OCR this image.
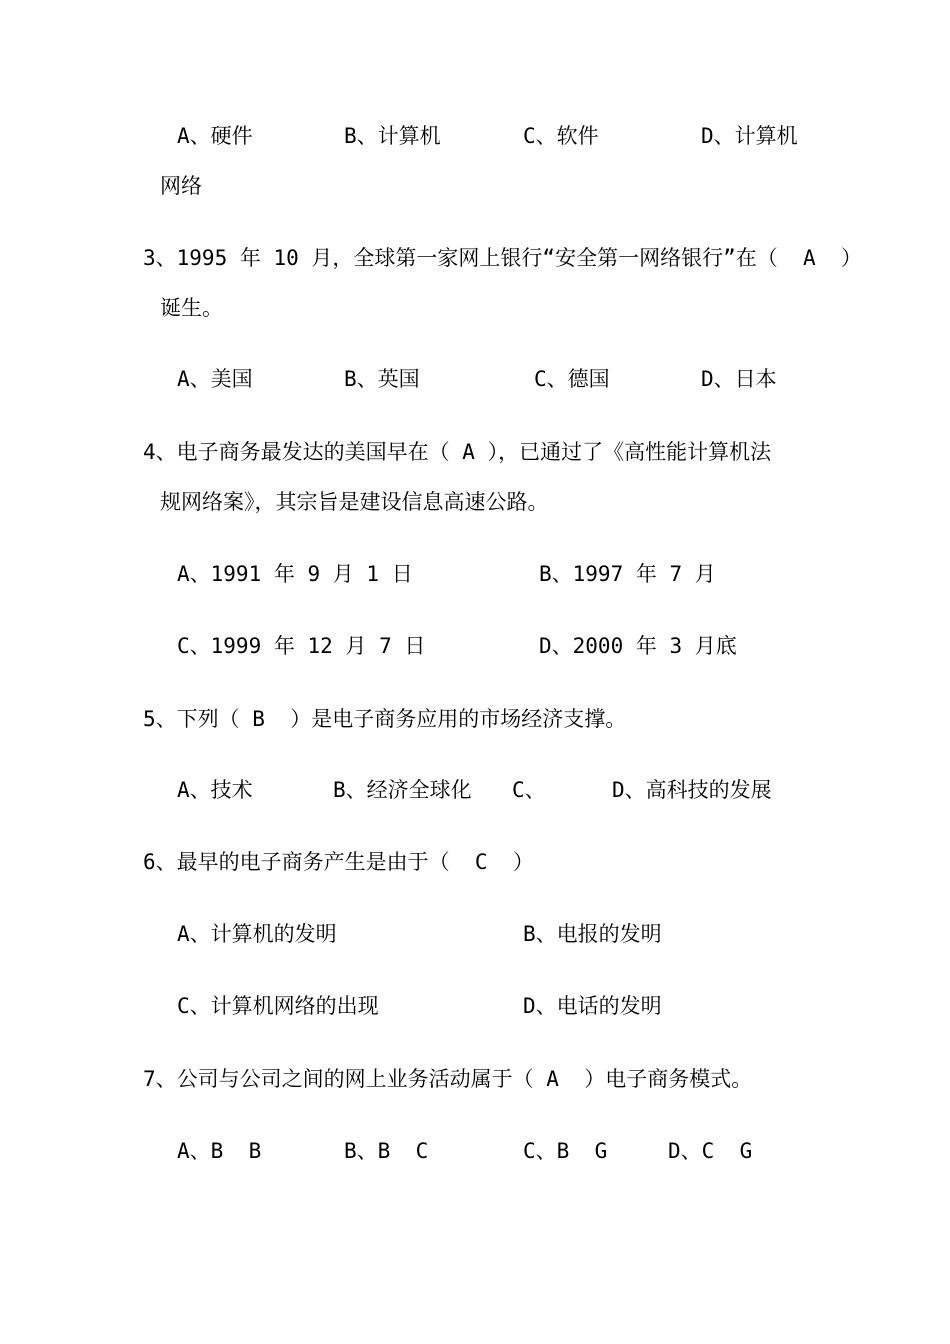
A、硬件	B、计算机	C、软件	D、计算机
网络
3、1995 年 10 月，全球第一家网上银行“安全第一网络银行”在（  A  ）
诞生。
A、美国	B、英国	C、德国	D、日本
4、电子商务最发达的美国早在（ A ），已通过了《高性能计算机法
规网络案》，其宗旨是建设信息高速公路。
A、1991 年 9 月 1 日	B、1997 年 7 月
C、1999 年 12 月 7 日	D、2000 年 3 月底
5、下列（ B  ）是电子商务应用的市场经济支撑。
A、技术	B、经济全球化 C、	D、高科技的发展
6、最早的电子商务产生是由于（  C  ）
A、计算机的发明	B、电报的发明
C、计算机网络的出现	D、电话的发明
7、公司与公司之间的网上业务活动属于（ A  ）电子商务模式。
A、B  B	B、B  C	C、B  G	D、C  G
